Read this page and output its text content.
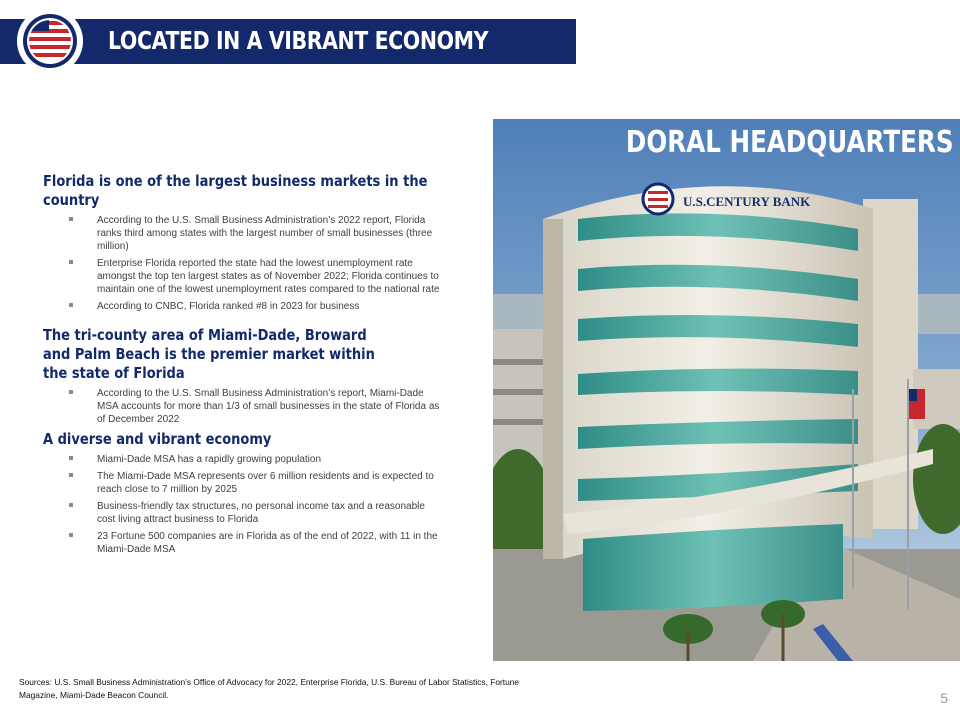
LOCATED IN A VIBRANT ECONOMY
Florida is one of the largest business markets in the country
According to the U.S. Small Business Administration’s 2022 report, Florida ranks third among states with the largest number of small businesses (three million)
Enterprise Florida reported the state had the lowest unemployment rate amongst the top ten largest states as of November 2022; Florida continues to maintain one of the lowest unemployment rates compared to the national rate
According to CNBC, Florida ranked #8 in 2023 for business
The tri-county area of Miami-Dade, Broward and Palm Beach is the premier market within the state of Florida
According to the U.S. Small Business Administration’s report, Miami-Dade MSA accounts for more than 1/3 of small businesses in the state of Florida as of December 2022
A diverse and vibrant economy
Miami-Dade MSA has a rapidly growing population
The Miami-Dade MSA represents over 6 million residents and is expected to reach close to 7 million by 2025
Business-friendly tax structures, no personal income tax and a reasonable cost living attract business to Florida
23 Fortune 500 companies are in Florida as of the end of 2022, with 11 in the Miami-Dade MSA
U.S.CENTURY BANK
DORAL HEADQUARTERS
Sources: U.S. Small Business Administration’s Office of Advocacy for 2022, Enterprise Florida, U.S. Bureau of Labor Statistics, Fortune Magazine, Miami-Dade Beacon Council.	5
